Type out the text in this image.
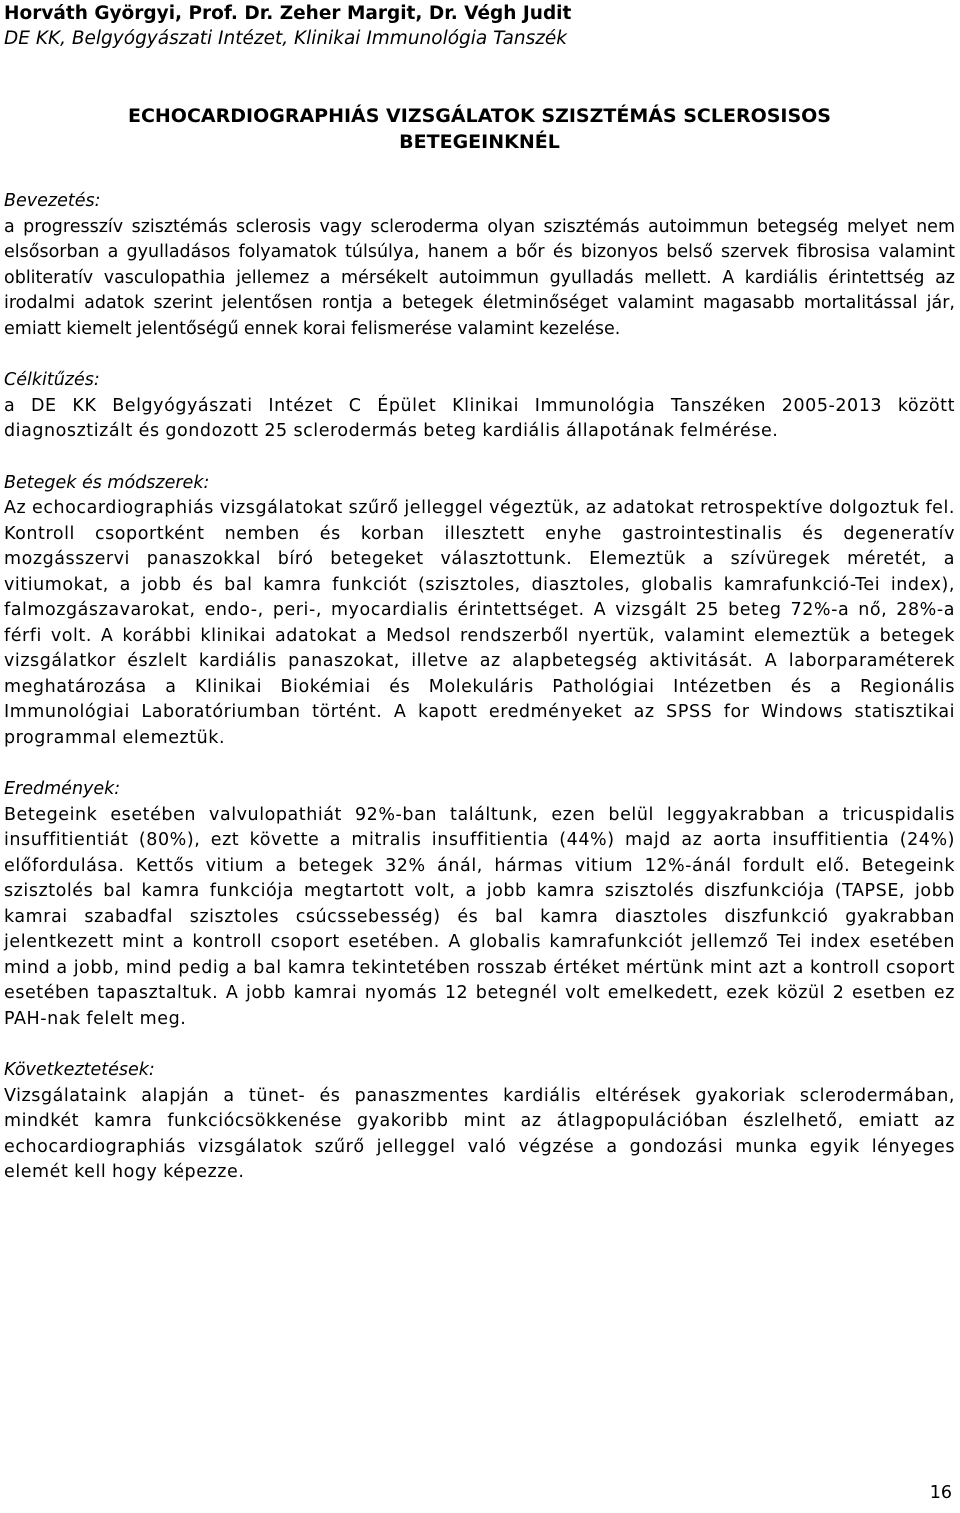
Horváth Györgyi, Prof. Dr. Zeher Margit, Dr. Végh Judit
DE KK, Belgyógyászati Intézet, Klinikai Immunológia Tanszék
ECHOCARDIOGRAPHIÁS VIZSGÁLATOK SZISZTÉMÁS SCLEROSISOS
BETEGEINKNÉL
Bevezetés:
a progresszív szisztémás sclerosis vagy scleroderma olyan szisztémás autoimmun betegség melyet nem elsősorban a gyulladásos folyamatok túlsúlya, hanem a bőr és bizonyos belső szervek fibrosisa valamint obliteratív vasculopathia jellemez a mérsékelt autoimmun gyulladás mellett. A kardiális érintettség az irodalmi adatok szerint jelentősen rontja a betegek életminőséget valamint magasabb mortalitással jár, emiatt kiemelt jelentőségű ennek korai felismerése valamint kezelése.
Célkitűzés:
a DE KK Belgyógyászati Intézet C Épület Klinikai Immunológia Tanszéken 2005-2013 között diagnosztizált és gondozott 25 sclerodermás beteg kardiális állapotának felmérése.
Betegek és módszerek:
Az echocardiographiás vizsgálatokat szűrő jelleggel végeztük, az adatokat retrospektíve dolgoztuk fel. Kontroll csoportként nemben és korban illesztett enyhe gastrointestinalis és degeneratív mozgásszervi panaszokkal bíró betegeket választottunk. Elemeztük a szívüregek méretét, a vitiumokat, a jobb és bal kamra funkciót (szisztoles, diasztoles, globalis kamrafunkció-Tei index), falmozgászavarokat, endo-, peri-, myocardialis érintettséget. A vizsgált 25 beteg 72%-a nő, 28%-a férfi volt. A korábbi klinikai adatokat a Medsol rendszerből nyertük, valamint elemeztük a betegek vizsgálatkor észlelt kardiális panaszokat, illetve az alapbetegség aktivitását. A laborparaméterek meghatározása a Klinikai Biokémiai és Molekuláris Pathológiai Intézetben és a Regionális Immunológiai Laboratóriumban történt. A kapott eredményeket az SPSS for Windows statisztikai programmal elemeztük.
Eredmények:
Betegeink esetében valvulopathiát 92%-ban találtunk, ezen belül leggyakrabban a tricuspidalis insuffitientiát (80%), ezt követte a mitralis insuffitientia (44%) majd az aorta insuffitientia (24%) előfordulása. Kettős vitium a betegek 32% ánál, hármas vitium 12%-ánál fordult elő. Betegeink szisztolés bal kamra funkciója megtartott volt, a jobb kamra szisztolés diszfunkciója (TAPSE, jobb kamrai szabadfal szisztoles csúcssebesség) és bal kamra diasztoles diszfunkció gyakrabban jelentkezett mint a kontroll csoport esetében. A globalis kamrafunkciót jellemző Tei index esetében mind a jobb, mind pedig a bal kamra tekintetében rosszab értéket mértünk mint azt a kontroll csoport esetében tapasztaltuk. A jobb kamrai nyomás 12 betegnél volt emelkedett, ezek közül 2 esetben ez PAH-nak felelt meg.
Következtetések:
Vizsgálataink alapján a tünet- és panaszmentes kardiális eltérések gyakoriak sclerodermában, mindkét kamra funkciócsökkenése gyakoribb mint az átlagpopulációban észlelhető, emiatt az echocardiographiás vizsgálatok szűrő jelleggel való végzése a gondozási munka egyik lényeges elemét kell hogy képezze.
16
